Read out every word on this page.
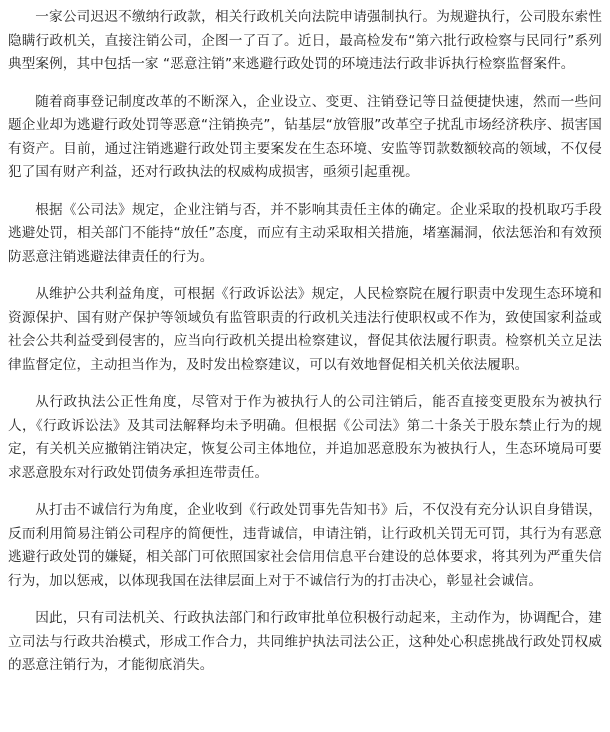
一家公司迟迟不缴纳行政款，相关行政机关向法院申请强制执行。为规避执行，公司股东索性隐瞒行政机关，直接注销公司，企图一了百了。近日，最高检发布“第六批行政检察与民同行”系列典型案例，其中包括一家 “恶意注销”来逃避行政处罚的环境违法行政非诉执行检察监督案件。

随着商事登记制度改革的不断深入，企业设立、变更、注销登记等日益便捷快速，然而一些问题企业却为逃避行政处罚等恶意“注销换壳”，钻基层“放管服”改革空子扰乱市场经济秩序、损害国有资产。目前，通过注销逃避行政处罚主要案发在生态环境、安监等罚款数额较高的领域，不仅侵犯了国有财产利益，还对行政执法的权威构成损害，亟须引起重视。

根据《公司法》规定，企业注销与否，并不影响其责任主体的确定。企业采取的投机取巧手段逃避处罚，相关部门不能持“放任”态度，而应有主动采取相关措施，堵塞漏洞，依法惩治和有效预防恶意注销逃避法律责任的行为。

从维护公共利益角度，可根据《行政诉讼法》规定，人民检察院在履行职责中发现生态环境和资源保护、国有财产保护等领域负有监管职责的行政机关违法行使职权或不作为，致使国家利益或社会公共利益受到侵害的，应当向行政机关提出检察建议，督促其依法履行职责。检察机关立足法律监督定位，主动担当作为，及时发出检察建议，可以有效地督促相关机关依法履职。

从行政执法公正性角度，尽管对于作为被执行人的公司注销后，能否直接变更股东为被执行人，《行政诉讼法》及其司法解释均未予明确。但根据《公司法》第二十条关于股东禁止行为的规定，有关机关应撤销注销决定，恢复公司主体地位，并追加恶意股东为被执行人，生态环境局可要求恶意股东对行政处罚债务承担连带责任。

从打击不诚信行为角度，企业收到《行政处罚事先告知书》后，不仅没有充分认识自身错误，反而利用简易注销公司程序的简便性，违背诚信，申请注销，让行政机关罚无可罚，其行为有恶意逃避行政处罚的嫌疑，相关部门可依照国家社会信用信息平台建设的总体要求，将其列为严重失信行为，加以惩戒，以体现我国在法律层面上对于不诚信行为的打击决心，彰显社会诚信。

因此，只有司法机关、行政执法部门和行政审批单位积极行动起来，主动作为，协调配合，建立司法与行政共治模式，形成工作合力，共同维护执法司法公正，这种处心积虑挑战行政处罚权威的恶意注销行为，才能彻底消失。
